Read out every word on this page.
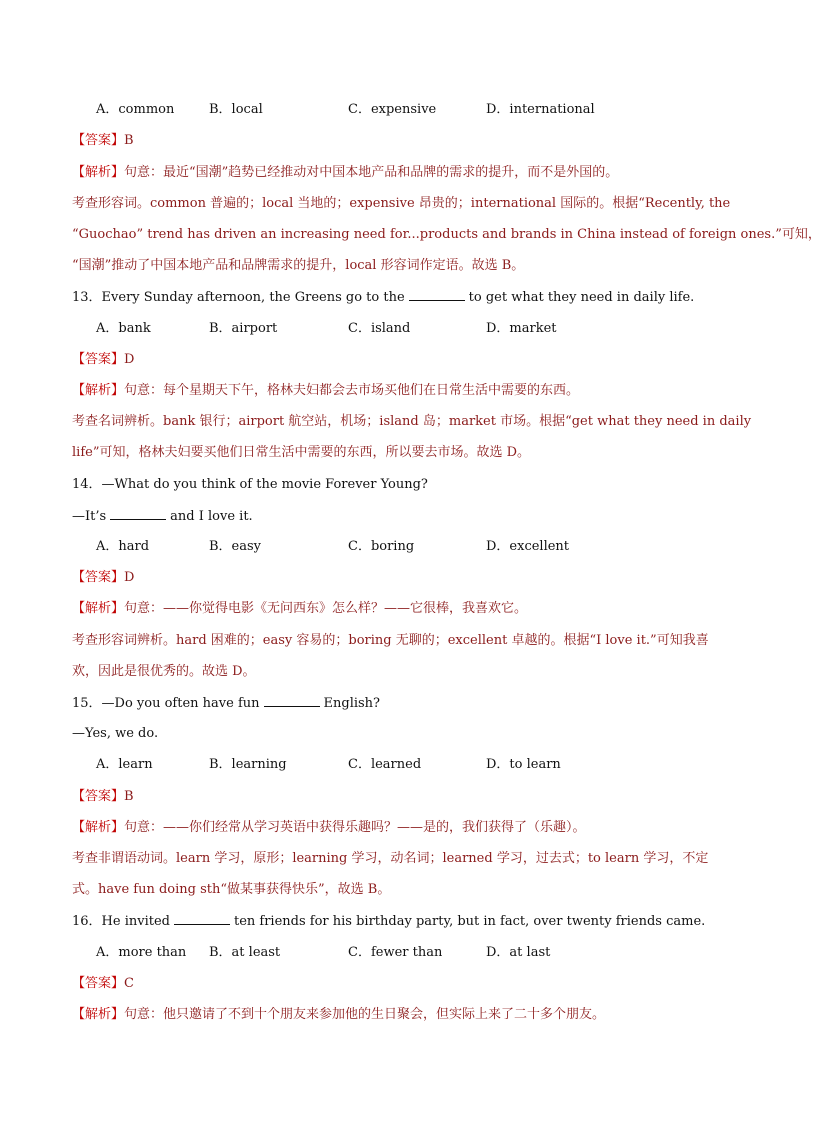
A．common	B．local	C．expensive	D．international
【答案】B
【解析】句意：最近“国潮”趋势已经推动对中国本地产品和品牌的需求的提升，而不是外国的。
考查形容词。common 普遍的；local 当地的；expensive 昂贵的；international 国际的。根据“Recently, the
“Guochao” trend has driven an increasing need for...products and brands in China instead of foreign ones.”可知，
“国潮”推动了中国本地产品和品牌需求的提升，local 形容词作定语。故选 B。
13．Every Sunday afternoon, the Greens go to the	to get what they need in daily life.
A．bank	B．airport	C．island	D．market
【答案】D
【解析】句意：每个星期天下午，格林夫妇都会去市场买他们在日常生活中需要的东西。
考查名词辨析。bank 银行；airport 航空站，机场；island 岛；market 市场。根据“get what they need in daily
life”可知，格林夫妇要买他们日常生活中需要的东西，所以要去市场。故选 D。
14．—What do you think of the movie Forever Young?
—It’s	and I love it.
A．hard	B．easy	C．boring	D．excellent
【答案】D
【解析】句意：——你觉得电影《无问西东》怎么样？——它很棒，我喜欢它。
考查形容词辨析。hard 困难的；easy 容易的；boring 无聊的；excellent 卓越的。根据“I love it.”可知我喜
欢，因此是很优秀的。故选 D。
15．—Do you often have fun	English?
—Yes, we do.
A．learn	B．learning	C．learned	D．to learn
【答案】B
【解析】句意：——你们经常从学习英语中获得乐趣吗？——是的，我们获得了（乐趣）。
考查非谓语动词。learn 学习，原形；learning 学习，动名词；learned 学习，过去式；to learn 学习，不定
式。have fun doing sth“做某事获得快乐”，故选 B。
16．He invited	ten friends for his birthday party, but in fact, over twenty friends came.
A．more than B．at least	C．fewer than	D．at last
【答案】C
【解析】句意：他只邀请了不到十个朋友来参加他的生日聚会，但实际上来了二十多个朋友。
